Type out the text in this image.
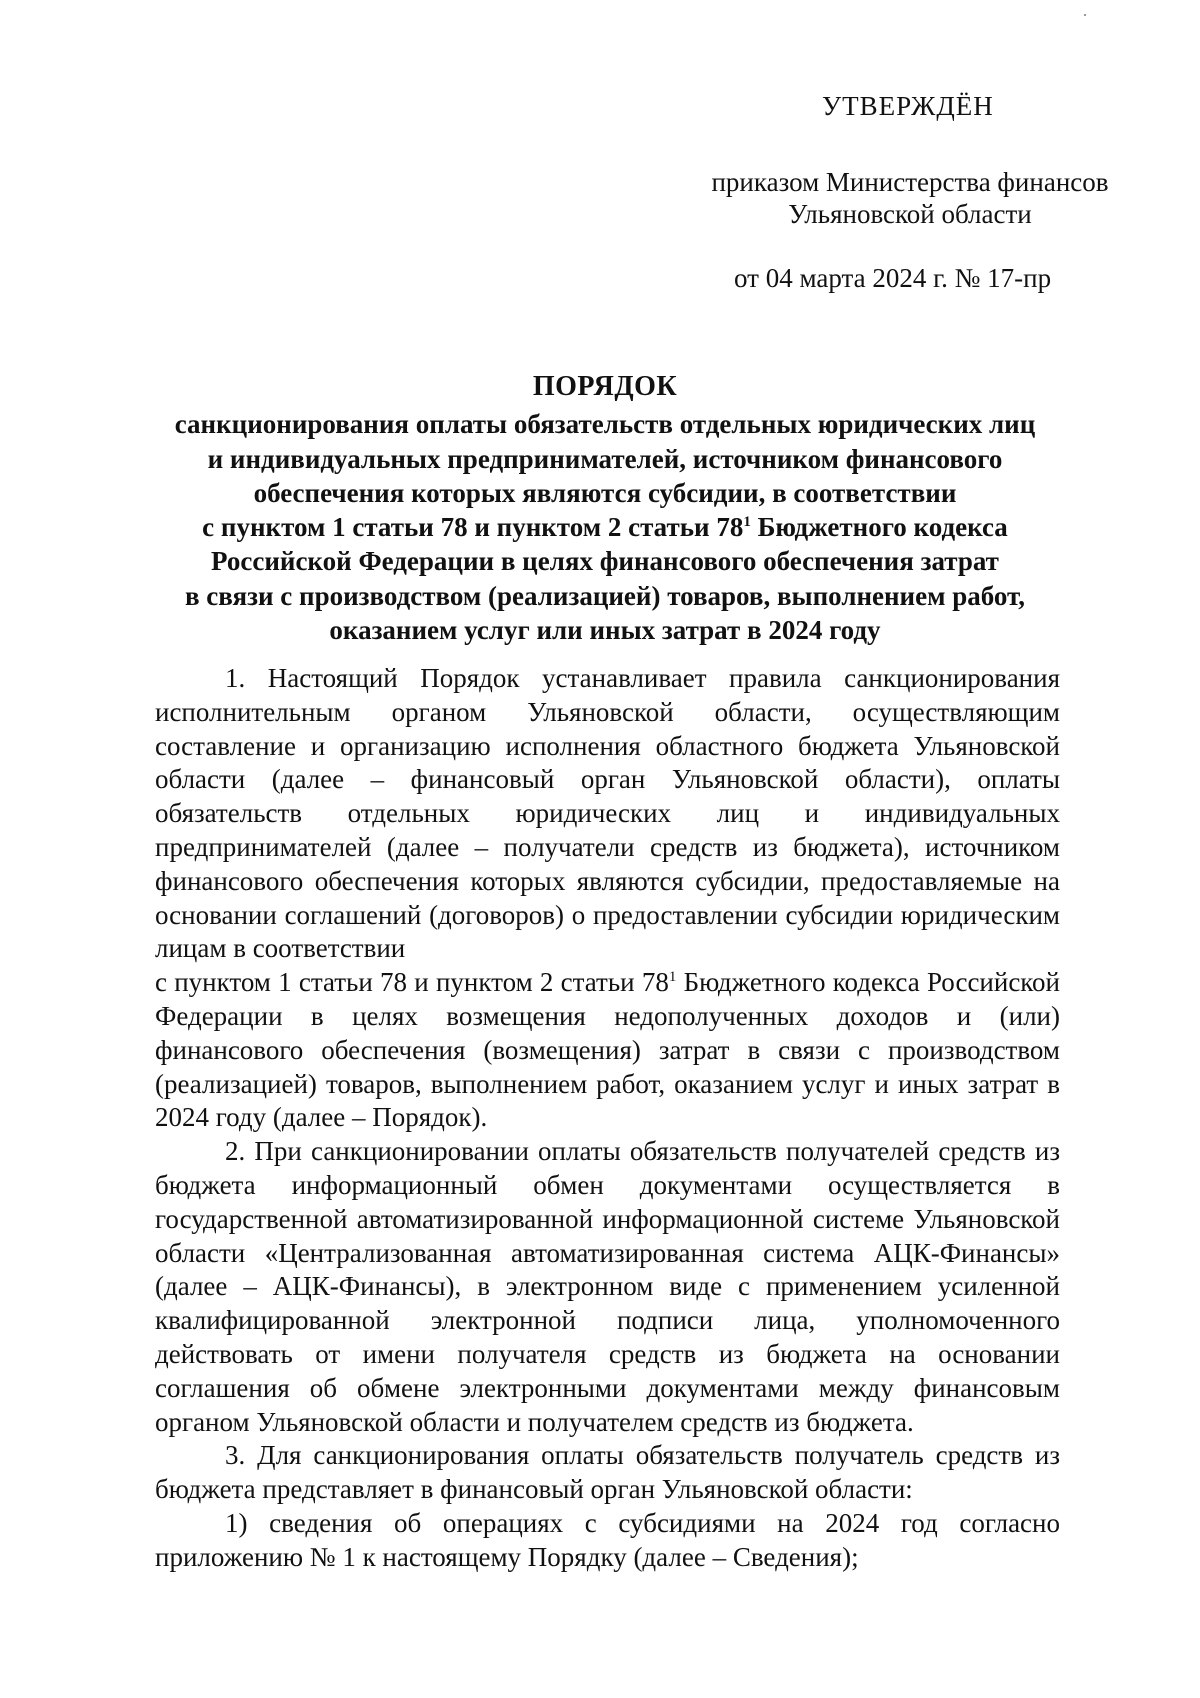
УТВЕРЖДЁН
приказом Министерства финансов
Ульяновской области
от 04 марта 2024 г. № 17-пр
ПОРЯДОК
санкционирования оплаты обязательств отдельных юридических лиц
и индивидуальных предпринимателей, источником финансового
обеспечения которых являются субсидии, в соответствии
с пунктом 1 статьи 78 и пунктом 2 статьи $78^1$ Бюджетного кодекса
Российской Федерации в целях финансового обеспечения затрат
в связи с производством (реализацией) товаров, выполнением работ,
оказанием услуг или иных затрат в 2024 году

1. Настоящий Порядок устанавливает правила санкционирования исполнительным органом Ульяновской области, осуществляющим составление и организацию исполнения областного бюджета Ульяновской области (далее – финансовый орган Ульяновской области), оплаты обязательств отдельных юридических лиц и индивидуальных предпринимателей (далее – получатели средств из бюджета), источником финансового обеспечения которых являются субсидии, предоставляемые на основании соглашений (договоров) о предоставлении субсидии юридическим лицам в соответствии

с пунктом 1 статьи 78 и пунктом 2 статьи $78^1$ Бюджетного кодекса Российской Федерации в целях возмещения недополученных доходов и (или) финансового обеспечения (возмещения) затрат в связи с производством (реализацией) товаров, выполнением работ, оказанием услуг и иных затрат в 2024 году (далее – Порядок).

2. При санкционировании оплаты обязательств получателей средств из бюджета информационный обмен документами осуществляется в государственной автоматизированной информационной системе Ульяновской области «Централизованная автоматизированная система АЦК-Финансы» (далее – АЦК-Финансы), в электронном виде с применением усиленной квалифицированной электронной подписи лица, уполномоченного действовать от имени получателя средств из бюджета на основании соглашения об обмене электронными документами между финансовым органом Ульяновской области и получателем средств из бюджета.

3. Для санкционирования оплаты обязательств получатель средств из бюджета представляет в финансовый орган Ульяновской области:

1) сведения об операциях с субсидиями на 2024 год согласно приложению № 1 к настоящему Порядку (далее – Сведения);
